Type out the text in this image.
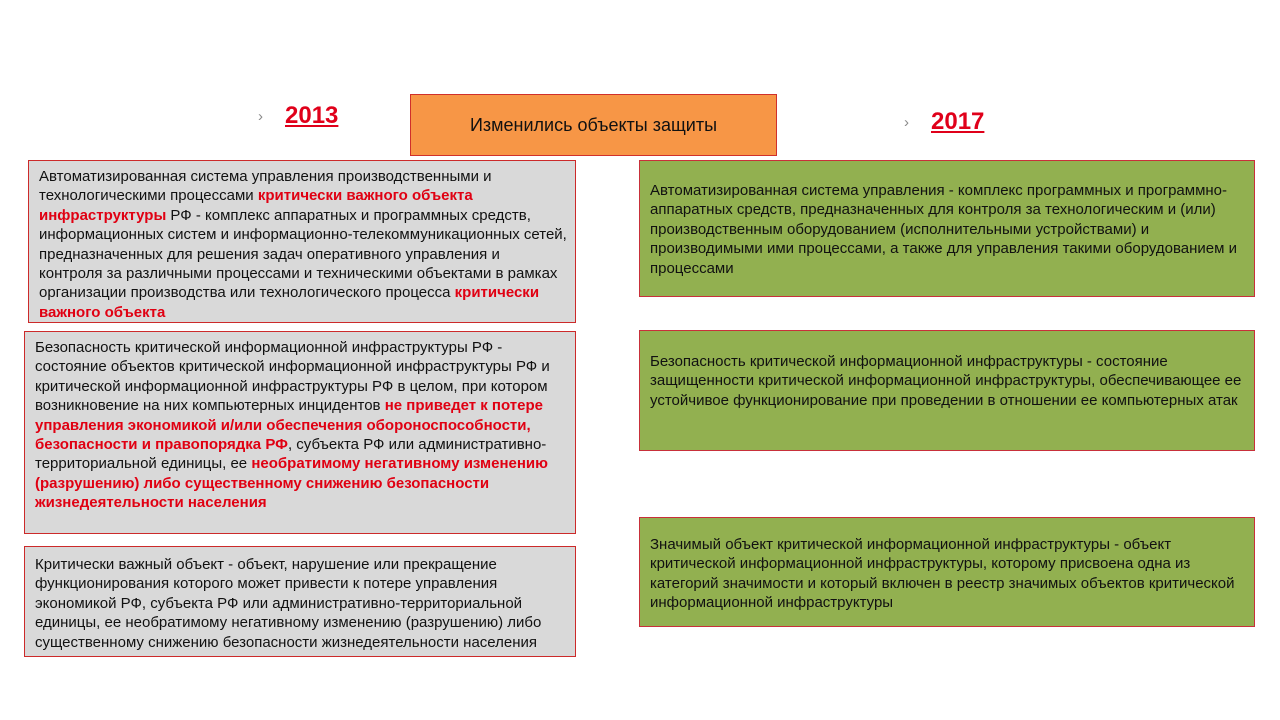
› 2013	Изменились объекты защиты	› 2017

Автоматизированная система управления производственными и технологическими процессами критически важного объекта инфраструктуры РФ - комплекс аппаратных и программных средств, информационных систем и информационно-телекоммуникационных сетей, предназначенных для решения задач оперативного управления и контроля за различными процессами и техническими объектами в рамках организации производства или технологического процесса критически важного объекта

Безопасность критической информационной инфраструктуры РФ - состояние объектов критической информационной инфраструктуры РФ и критической информационной инфраструктуры РФ в целом, при котором возникновение на них компьютерных инцидентов не приведет к потере управления экономикой и/или обеспечения обороноспособности, безопасности и правопорядка РФ, субъекта РФ или административно-территориальной единицы, ее необратимому негативному изменению (разрушению) либо существенному снижению безопасности жизнедеятельности населения

Критически важный объект - объект, нарушение или прекращение функционирования которого может привести к потере управления экономикой РФ, субъекта РФ или административно-территориальной единицы, ее необратимому негативному изменению (разрушению) либо существенному снижению безопасности жизнедеятельности населения

Автоматизированная система управления - комплекс программных и программно-аппаратных средств, предназначенных для контроля за технологическим и (или) производственным оборудованием (исполнительными устройствами) и производимыми ими процессами, а также для управления такими оборудованием и процессами

Безопасность критической информационной инфраструктуры - состояние защищенности критической информационной инфраструктуры, обеспечивающее ее устойчивое функционирование при проведении в отношении ее компьютерных атак

Значимый объект критической информационной инфраструктуры - объект критической информационной инфраструктуры, которому присвоена одна из категорий значимости и который включен в реестр значимых объектов критической информационной инфраструктуры
